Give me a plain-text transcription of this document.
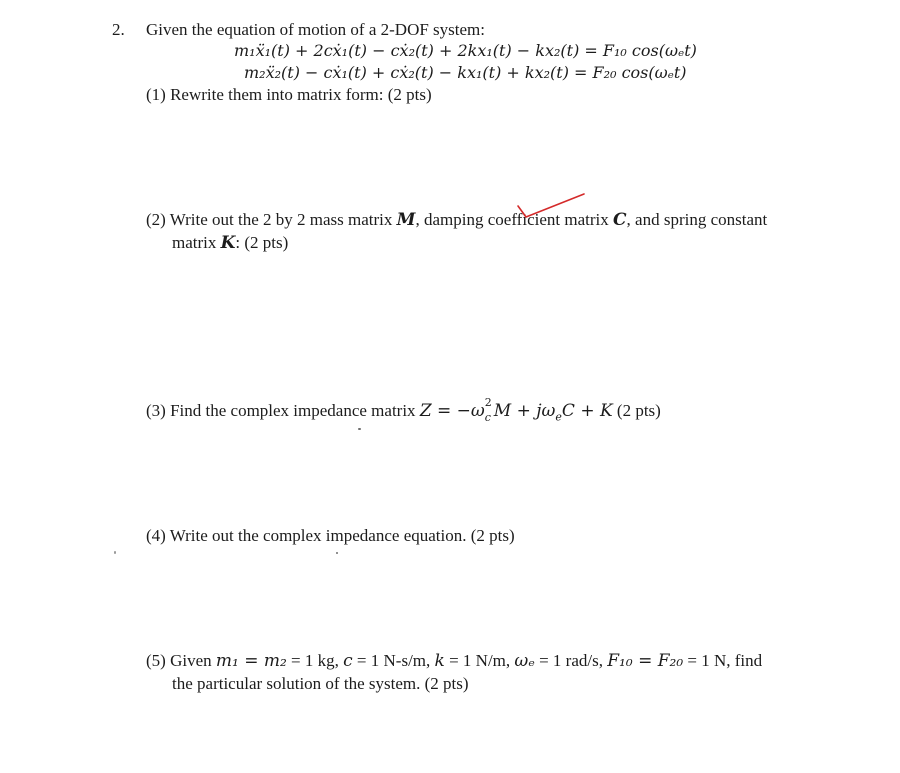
2. Given the equation of motion of a 2-DOF system:
m₁ẍ₁(t) + 2cẋ₁(t) − cẋ₂(t) + 2kx₁(t) − kx₂(t) = F₁₀ cos(ωₑt)
m₂ẍ₂(t) − cẋ₁(t) + cẋ₂(t) − kx₁(t) + kx₂(t) = F₂₀ cos(ωₑt)
(1) Rewrite them into matrix form: (2 pts)
(2) Write out the 2 by 2 mass matrix M, damping coefficient matrix C, and spring constant
matrix K: (2 pts)
(3) Find the complex impedance matrix Z = −ω 2
c $M + j\omega_eC + K$ (2 pts)
(4) Write out the complex impedance equation. (2 pts)
(5) Given m₁ = m₂ = 1 kg, c = 1 N-s/m, k = 1 N/m, ωₑ = 1 rad/s, F₁₀ = F₂₀ = 1 N, find
the particular solution of the system. (2 pts)
